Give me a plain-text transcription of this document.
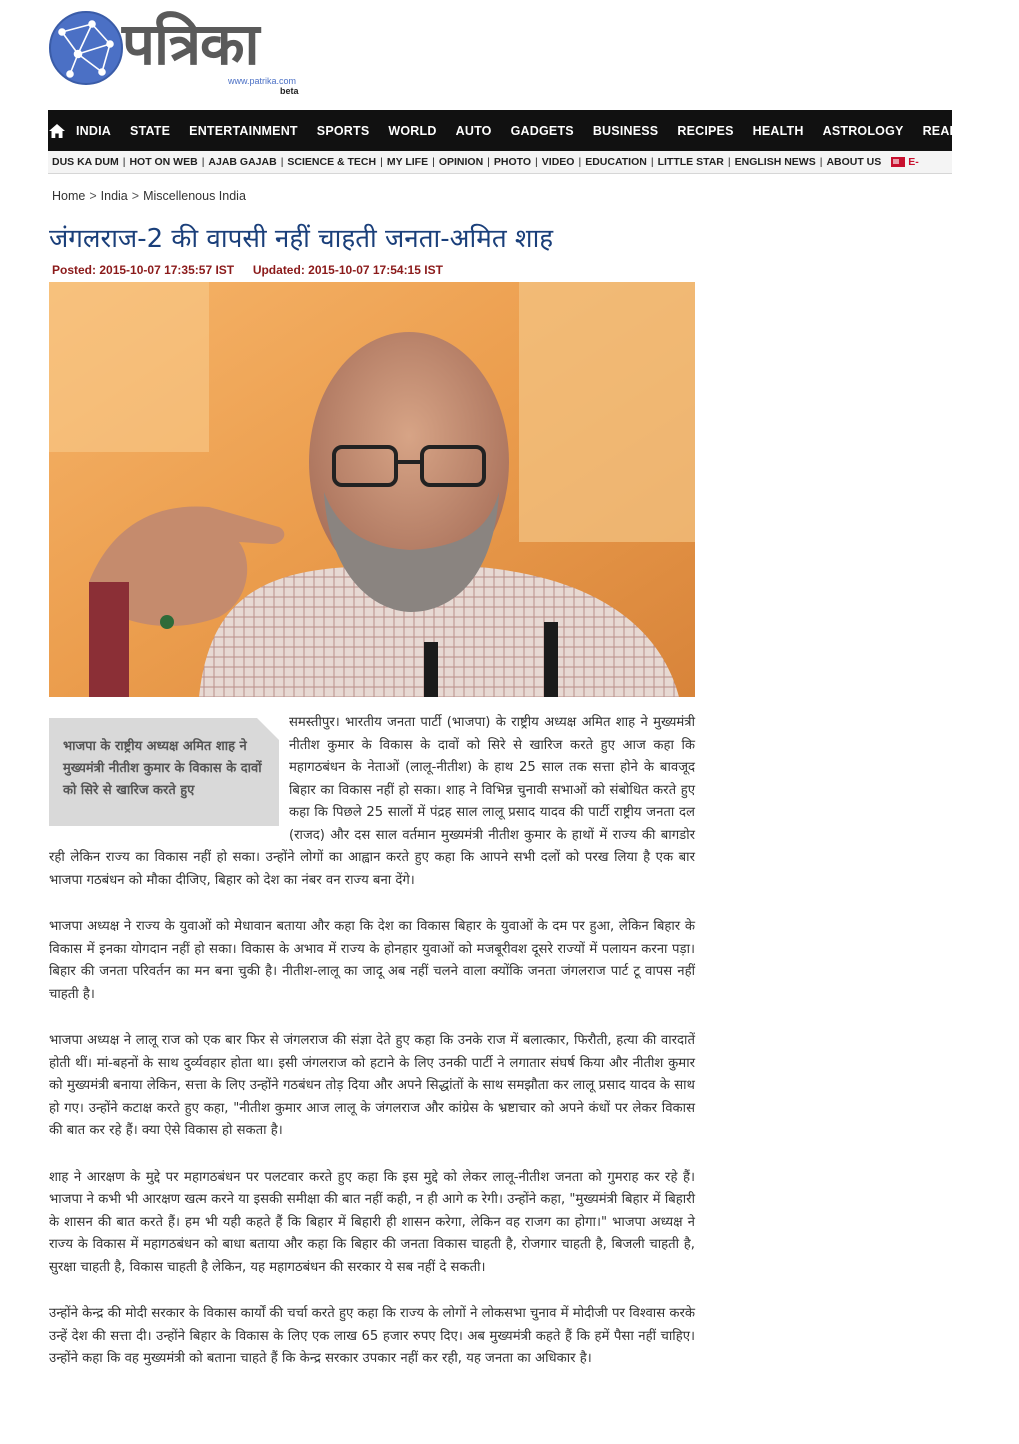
पत्रिका
www.patrika.com
beta
INDIA	STATE	ENTERTAINMENT	SPORTS	WORLD	AUTO	GADGETS	BUSINESS	RECIPES	HEALTH	ASTROLOGY	REAL ESTATE
DUS KA DUM | HOT ON WEB | AJAB GAJAB | SCIENCE & TECH | MY LIFE | OPINION | PHOTO | VIDEO | EDUCATION | LITTLE STAR | ENGLISH NEWS | ABOUT US	E-
Home > India > Miscellenous India
जंगलराज-2 की वापसी नहीं चाहती जनता-अमित शाह
Posted: 2015-10-07 17:35:57 IST Updated: 2015-10-07 17:54:15 IST
भाजपा के राष्ट्रीय अध्यक्ष अमित शाह ने मुख्यमंत्री नीतीश कुमार के विकास के दावों को सिरे से खारिज करते हुए

समस्तीपुर। भारतीय जनता पार्टी (भाजपा) के राष्ट्रीय अध्यक्ष अमित शाह ने मुख्यमंत्री नीतीश कुमार के विकास के दावों को सिरे से खारिज करते हुए आज कहा कि महागठबंधन के नेताओं (लालू-नीतीश) के हाथ 25 साल तक सत्ता होने के बावजूद बिहार का विकास नहीं हो सका। शाह ने विभिन्न चुनावी सभाओं को संबोधित करते हुए कहा कि पिछले 25 सालों में पंद्रह साल लालू प्रसाद यादव की पार्टी राष्ट्रीय जनता दल (राजद) और दस साल वर्तमान मुख्यमंत्री नीतीश कुमार के हाथों में राज्य की बागडोर रही लेकिन राज्य का विकास नहीं हो सका। उन्होंने लोगों का आह्वान करते हुए कहा कि आपने सभी दलों को परख लिया है एक बार भाजपा गठबंधन को मौका दीजिए, बिहार को देश का नंबर वन राज्य बना देंगे।

भाजपा अध्यक्ष ने राज्य के युवाओं को मेधावान बताया और कहा कि देश का विकास बिहार के युवाओं के दम पर हुआ, लेकिन बिहार के विकास में इनका योगदान नहीं हो सका। विकास के अभाव में राज्य के होनहार युवाओं को मजबूरीवश दूसरे राज्यों में पलायन करना पड़ा। बिहार की जनता परिवर्तन का मन बना चुकी है। नीतीश-लालू का जादू अब नहीं चलने वाला क्योंकि जनता जंगलराज पार्ट टू वापस नहीं चाहती है।

भाजपा अध्यक्ष ने लालू राज को एक बार फिर से जंगलराज की संज्ञा देते हुए कहा कि उनके राज में बलात्कार, फिरौती, हत्या की वारदातें होती थीं। मां-बहनों के साथ दुर्व्यवहार होता था। इसी जंगलराज को हटाने के लिए उनकी पार्टी ने लगातार संघर्ष किया और नीतीश कुमार को मुख्यमंत्री बनाया लेकिन, सत्ता के लिए उन्होंने गठबंधन तोड़ दिया और अपने सिद्धांतों के साथ समझौता कर लालू प्रसाद यादव के साथ हो गए। उन्होंने कटाक्ष करते हुए कहा, "नीतीश कुमार आज लालू के जंगलराज और कांग्रेस के भ्रष्टाचार को अपने कंधों पर लेकर विकास की बात कर रहे हैं। क्या ऐसे विकास हो सकता है।

शाह ने आरक्षण के मुद्दे पर महागठबंधन पर पलटवार करते हुए कहा कि इस मुद्दे को लेकर लालू-नीतीश जनता को गुमराह कर रहे हैं। भाजपा ने कभी भी आरक्षण खत्म करने या इसकी समीक्षा की बात नहीं कही, न ही आगे क रेगी। उन्होंने कहा, "मुख्यमंत्री बिहार में बिहारी के शासन की बात करते हैं। हम भी यही कहते हैं कि बिहार में बिहारी ही शासन करेगा, लेकिन वह राजग का होगा।" भाजपा अध्यक्ष ने राज्य के विकास में महागठबंधन को बाधा बताया और कहा कि बिहार की जनता विकास चाहती है, रोजगार चाहती है, बिजली चाहती है, सुरक्षा चाहती है, विकास चाहती है लेकिन, यह महागठबंधन की सरकार ये सब नहीं दे सकती।

उन्होंने केन्द्र की मोदी सरकार के विकास कार्यों की चर्चा करते हुए कहा कि राज्य के लोगों ने लोकसभा चुनाव में मोदीजी पर विश्वास करके उन्हें देश की सत्ता दी। उन्होंने बिहार के विकास के लिए एक लाख 65 हजार रुपए दिए। अब मुख्यमंत्री कहते हैं कि हमें पैसा नहीं चाहिए। उन्होंने कहा कि वह मुख्यमंत्री को बताना चाहते हैं कि केन्द्र सरकार उपकार नहीं कर रही, यह जनता का अधिकार है।
